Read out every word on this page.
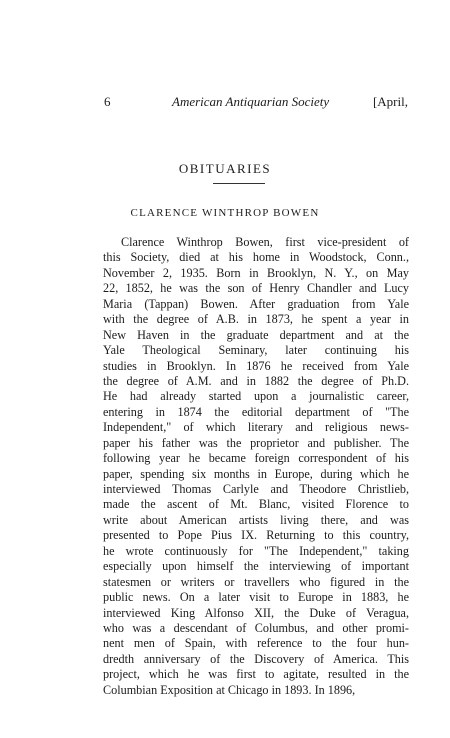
6	American Antiquarian Society	[April,
OBITUARIES
CLARENCE WINTHROP BOWEN
Clarence Winthrop Bowen, first vice-president of
this Society, died at his home in Woodstock, Conn.,
November 2, 1935. Born in Brooklyn, N. Y., on May
22, 1852, he was the son of Henry Chandler and Lucy
Maria (Tappan) Bowen. After graduation from Yale
with the degree of A.B. in 1873, he spent a year in
New Haven in the graduate department and at the
Yale Theological Seminary, later continuing his
studies in Brooklyn. In 1876 he received from Yale
the degree of A.M. and in 1882 the degree of Ph.D.
He had already started upon a journalistic career,
entering in 1874 the editorial department of "The
Independent," of which literary and religious news-
paper his father was the proprietor and publisher. The
following year he became foreign correspondent of his
paper, spending six months in Europe, during which he
interviewed Thomas Carlyle and Theodore Christlieb,
made the ascent of Mt. Blanc, visited Florence to
write about American artists living there, and was
presented to Pope Pius IX. Returning to this country,
he wrote continuously for "The Independent," taking
especially upon himself the interviewing of important
statesmen or writers or travellers who figured in the
public news. On a later visit to Europe in 1883, he
interviewed King Alfonso XII, the Duke of Veragua,
who was a descendant of Columbus, and other promi-
nent men of Spain, with reference to the four hun-
dredth anniversary of the Discovery of America. This
project, which he was first to agitate, resulted in the
Columbian Exposition at Chicago in 1893. In 1896,
